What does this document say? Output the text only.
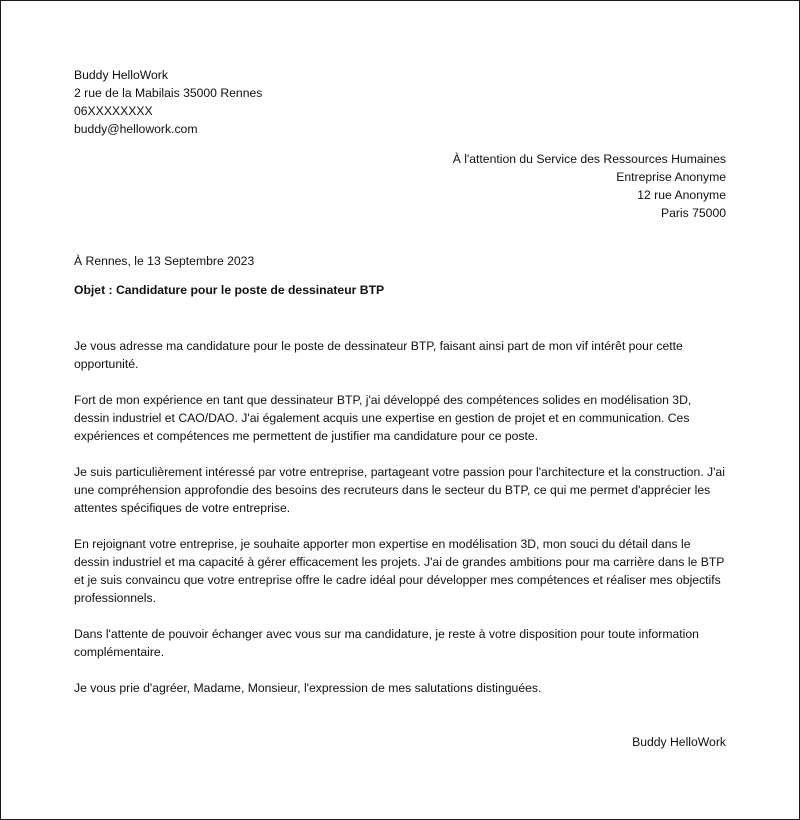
Buddy HelloWork
2 rue de la Mabilais 35000 Rennes
06XXXXXXXX
buddy@hellowork.com
À l'attention du Service des Ressources Humaines
Entreprise Anonyme
12 rue Anonyme
Paris 75000
À Rennes, le 13 Septembre 2023
Objet : Candidature pour le poste de dessinateur BTP

Je vous adresse ma candidature pour le poste de dessinateur BTP, faisant ainsi part de mon vif intérêt pour cette opportunité.

Fort de mon expérience en tant que dessinateur BTP, j'ai développé des compétences solides en modélisation 3D, dessin industriel et CAO/DAO. J'ai également acquis une expertise en gestion de projet et en communication. Ces expériences et compétences me permettent de justifier ma candidature pour ce poste.

Je suis particulièrement intéressé par votre entreprise, partageant votre passion pour l'architecture et la construction. J'ai une compréhension approfondie des besoins des recruteurs dans le secteur du BTP, ce qui me permet d'apprécier les attentes spécifiques de votre entreprise.

En rejoignant votre entreprise, je souhaite apporter mon expertise en modélisation 3D, mon souci du détail dans le dessin industriel et ma capacité à gérer efficacement les projets. J'ai de grandes ambitions pour ma carrière dans le BTP et je suis convaincu que votre entreprise offre le cadre idéal pour développer mes compétences et réaliser mes objectifs professionnels.

Dans l'attente de pouvoir échanger avec vous sur ma candidature, je reste à votre disposition pour toute information complémentaire.

Je vous prie d'agréer, Madame, Monsieur, l'expression de mes salutations distinguées.

Buddy HelloWork
